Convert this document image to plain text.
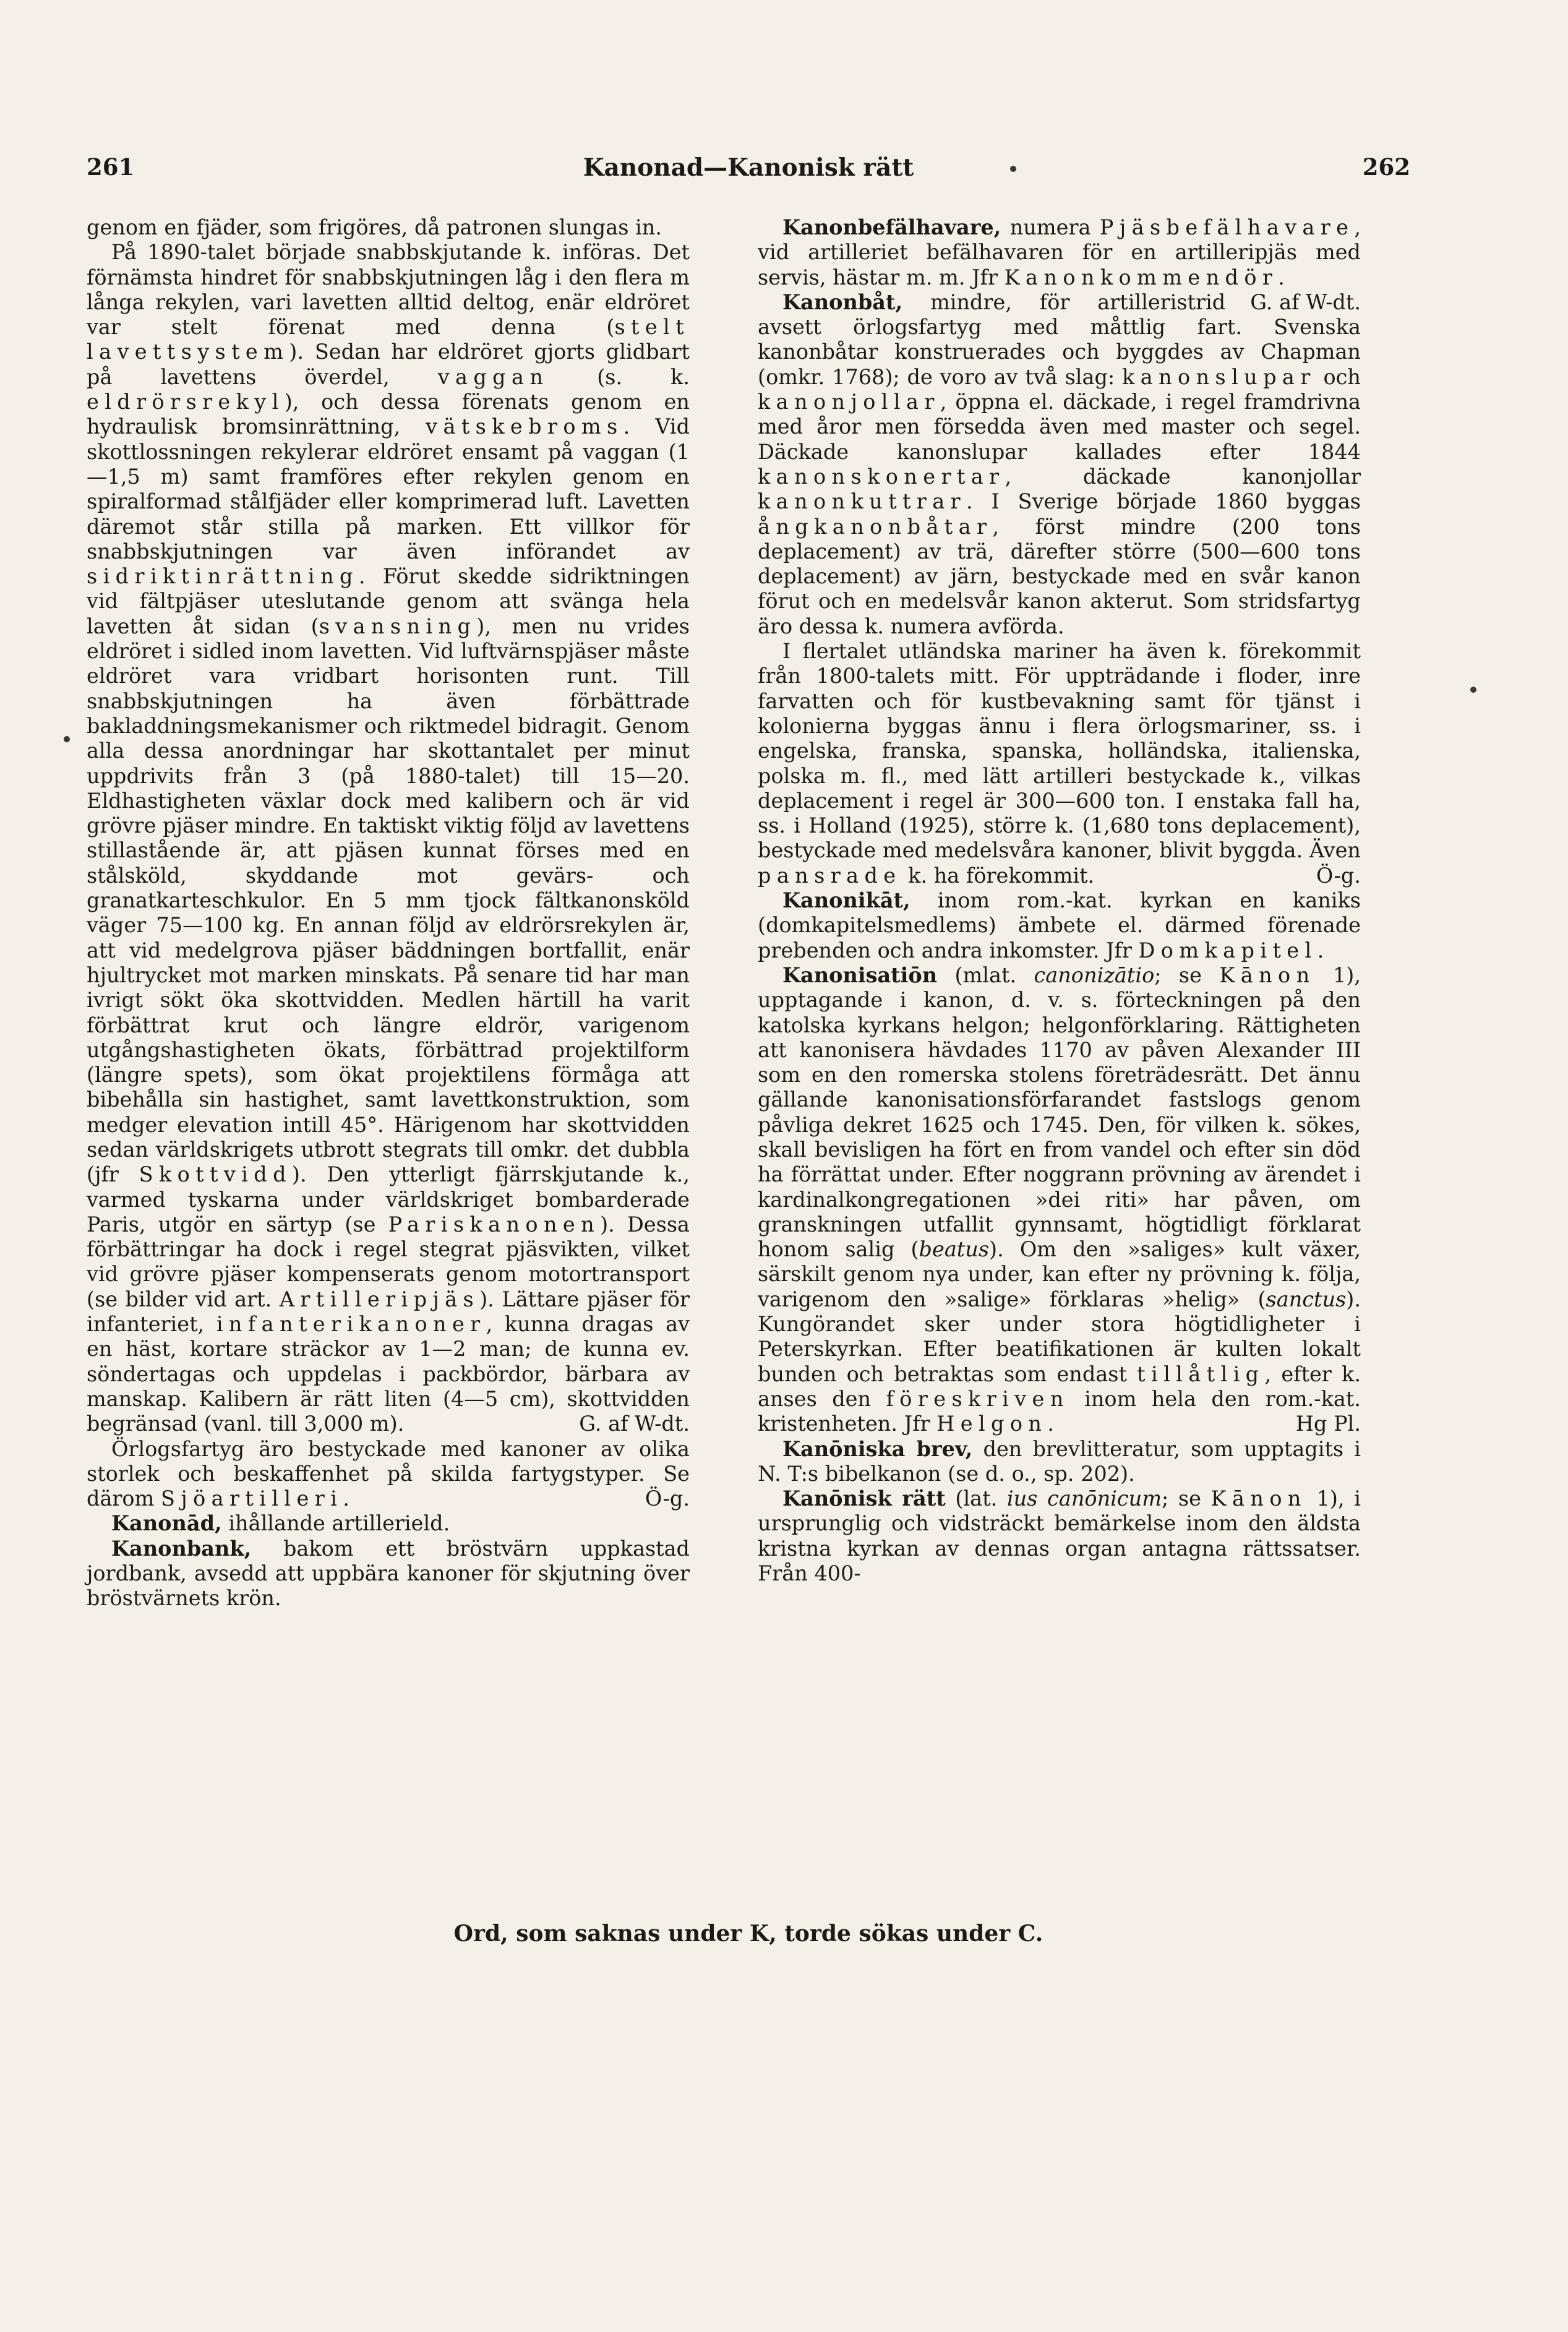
261	Kanonad—Kanonisk rätt	262

genom en fjäder, som frigöres, då patronen slungas in.

På 1890-talet började snabbskjutande k. införas. Det förnämsta hindret för snabbskjutningen låg i den flera m långa rekylen, vari lavetten alltid deltog, enär eldröret var stelt förenat med denna (stelt lavettsystem). Sedan har eldröret gjorts glidbart på lavettens överdel, vaggan (s. k. eldrörsrekyl), och dessa förenats genom en hydraulisk bromsinrättning, vätskebroms. Vid skottlossningen rekylerar eldröret ensamt på vaggan (1—1,5 m) samt framföres efter rekylen genom en spiralformad stålfjäder eller komprimerad luft. Lavetten däremot står stilla på marken. Ett villkor för snabbskjutningen var även införandet av sidriktinrättning. Förut skedde sidriktningen vid fältpjäser uteslutande genom att svänga hela lavetten åt sidan (svansning), men nu vrides eldröret i sidled inom lavetten. Vid luftvärnspjäser måste eldröret vara vridbart horisonten runt. Till snabbskjutningen ha även förbättrade bakladdningsmekanismer och riktmedel bidragit. Genom alla dessa anordningar har skottantalet per minut uppdrivits från 3 (på 1880-talet) till 15—20. Eldhastigheten växlar dock med kalibern och är vid grövre pjäser mindre. En taktiskt viktig följd av lavettens stillastående är, att pjäsen kunnat förses med en stålsköld, skyddande mot gevärs- och granatkarteschkulor. En 5 mm tjock fältkanonsköld väger 75—100 kg. En annan följd av eldrörsrekylen är, att vid medelgrova pjäser bäddningen bortfallit, enär hjultrycket mot marken minskats. På senare tid har man ivrigt sökt öka skottvidden. Medlen härtill ha varit förbättrat krut och längre eldrör, varigenom utgångshastigheten ökats, förbättrad projektilform (längre spets), som ökat projektilens förmåga att bibehålla sin hastighet, samt lavettkonstruktion, som medger elevation intill 45°. Härigenom har skottvidden sedan världskrigets utbrott stegrats till omkr. det dubbla (jfr Skottvidd). Den ytterligt fjärrskjutande k., varmed tyskarna under världskriget bombarderade Paris, utgör en särtyp (se Pariskanonen). Dessa förbättringar ha dock i regel stegrat pjäsvikten, vilket vid grövre pjäser kompenserats genom motortransport (se bilder vid art. Artilleripjäs). Lättare pjäser för infanteriet, infanterikanoner, kunna dragas av en häst, kortare sträckor av 1—2 man; de kunna ev. söndertagas och uppdelas i packbördor, bärbara av manskap. Kalibern är rätt liten (4—5 cm), skottvidden begränsad (vanl. till 3,000 m).	G. af W-dt.

Örlogsfartyg äro bestyckade med kanoner av olika storlek och beskaffenhet på skilda fartygstyper. Se därom Sjöartilleri.	Ö-g.

Kanonād, ihållande artillerield.

Kanonbank, bakom ett bröstvärn uppkastad jordbank, avsedd att uppbära kanoner för skjutning över bröstvärnets krön.

Kanonbefälhavare, numera Pjäsbefälhavare, vid artilleriet befälhavaren för en artilleripjäs med servis, hästar m. m. Jfr Kanonkommendör.
G. af W-dt.

Kanonbåt, mindre, för artilleristrid avsett örlogsfartyg med måttlig fart. Svenska kanonbåtar konstruerades och byggdes av Chapman (omkr. 1768); de voro av två slag: kanonslupar och kanonjollar, öppna el. däckade, i regel framdrivna med åror men försedda även med master och segel. Däckade kanonslupar kallades efter 1844 kanonskonertar, däckade kanonjollar kanonkuttrar. I Sverige började 1860 byggas ångkanonbåtar, först mindre (200 tons deplacement) av trä, därefter större (500—600 tons deplacement) av järn, bestyckade med en svår kanon förut och en medelsvår kanon akterut. Som stridsfartyg äro dessa k. numera avförda.

I flertalet utländska mariner ha även k. förekommit från 1800-talets mitt. För uppträdande i floder, inre farvatten och för kustbevakning samt för tjänst i kolonierna byggas ännu i flera örlogsmariner, ss. i engelska, franska, spanska, holländska, italienska, polska m. fl., med lätt artilleri bestyckade k., vilkas deplacement i regel är 300—600 ton. I enstaka fall ha, ss. i Holland (1925), större k. (1,680 tons deplacement), bestyckade med medelsvåra kanoner, blivit byggda. Även pansrade k. ha förekommit.	Ö-g.

Kanonikāt, inom rom.-kat. kyrkan en kaniks (domkapitelsmedlems) ämbete el. därmed förenade prebenden och andra inkomster. Jfr Domkapitel.

Kanonisatiōn (mlat. canonizātio; se Kānon 1), upptagande i kanon, d. v. s. förteckningen på den katolska kyrkans helgon; helgonförklaring. Rättigheten att kanonisera hävdades 1170 av påven Alexander III som en den romerska stolens företrädesrätt. Det ännu gällande kanonisationsförfarandet fastslogs genom påvliga dekret 1625 och 1745. Den, för vilken k. sökes, skall bevisligen ha fört en from vandel och efter sin död ha förrättat under. Efter noggrann prövning av ärendet i kardinalkongregationen »dei riti» har påven, om granskningen utfallit gynnsamt, högtidligt förklarat honom salig (beatus). Om den »saliges» kult växer, särskilt genom nya under, kan efter ny prövning k. följa, varigenom den »salige» förklaras »helig» (sanctus). Kungörandet sker under stora högtidligheter i Peterskyrkan. Efter beatifikationen är kulten lokalt bunden och betraktas som endast tillåtlig, efter k. anses den föreskriven inom hela den rom.-kat. kristenheten. Jfr Helgon.	Hg Pl.

Kanōniska brev, den brevlitteratur, som upptagits i N. T:s bibelkanon (se d. o., sp. 202).

Kanōnisk rätt (lat. ius canōnicum; se Kānon 1), i ursprunglig och vidsträckt bemärkelse inom den äldsta kristna kyrkan av dennas organ antagna rättssatser. Från 400-

Ord, som saknas under K, torde sökas under C.
